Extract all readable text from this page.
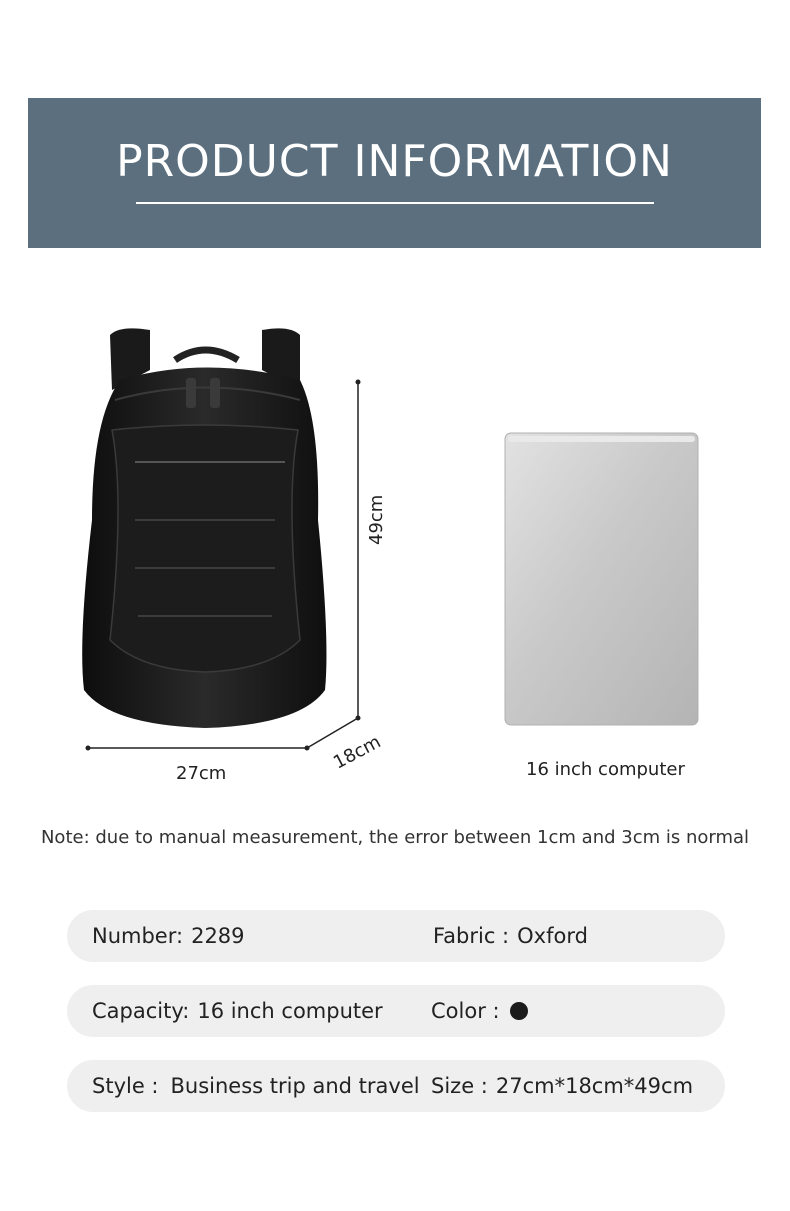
PRODUCT INFORMATION
49cm
27cm	18cm	16 inch computer
Note: due to manual measurement, the error between 1cm and 3cm is normal
Number: 2289	Fabric : Oxford
Capacity: 16 inch computer Color :
Style : Business trip and travel Size : 27cm*18cm*49cm
